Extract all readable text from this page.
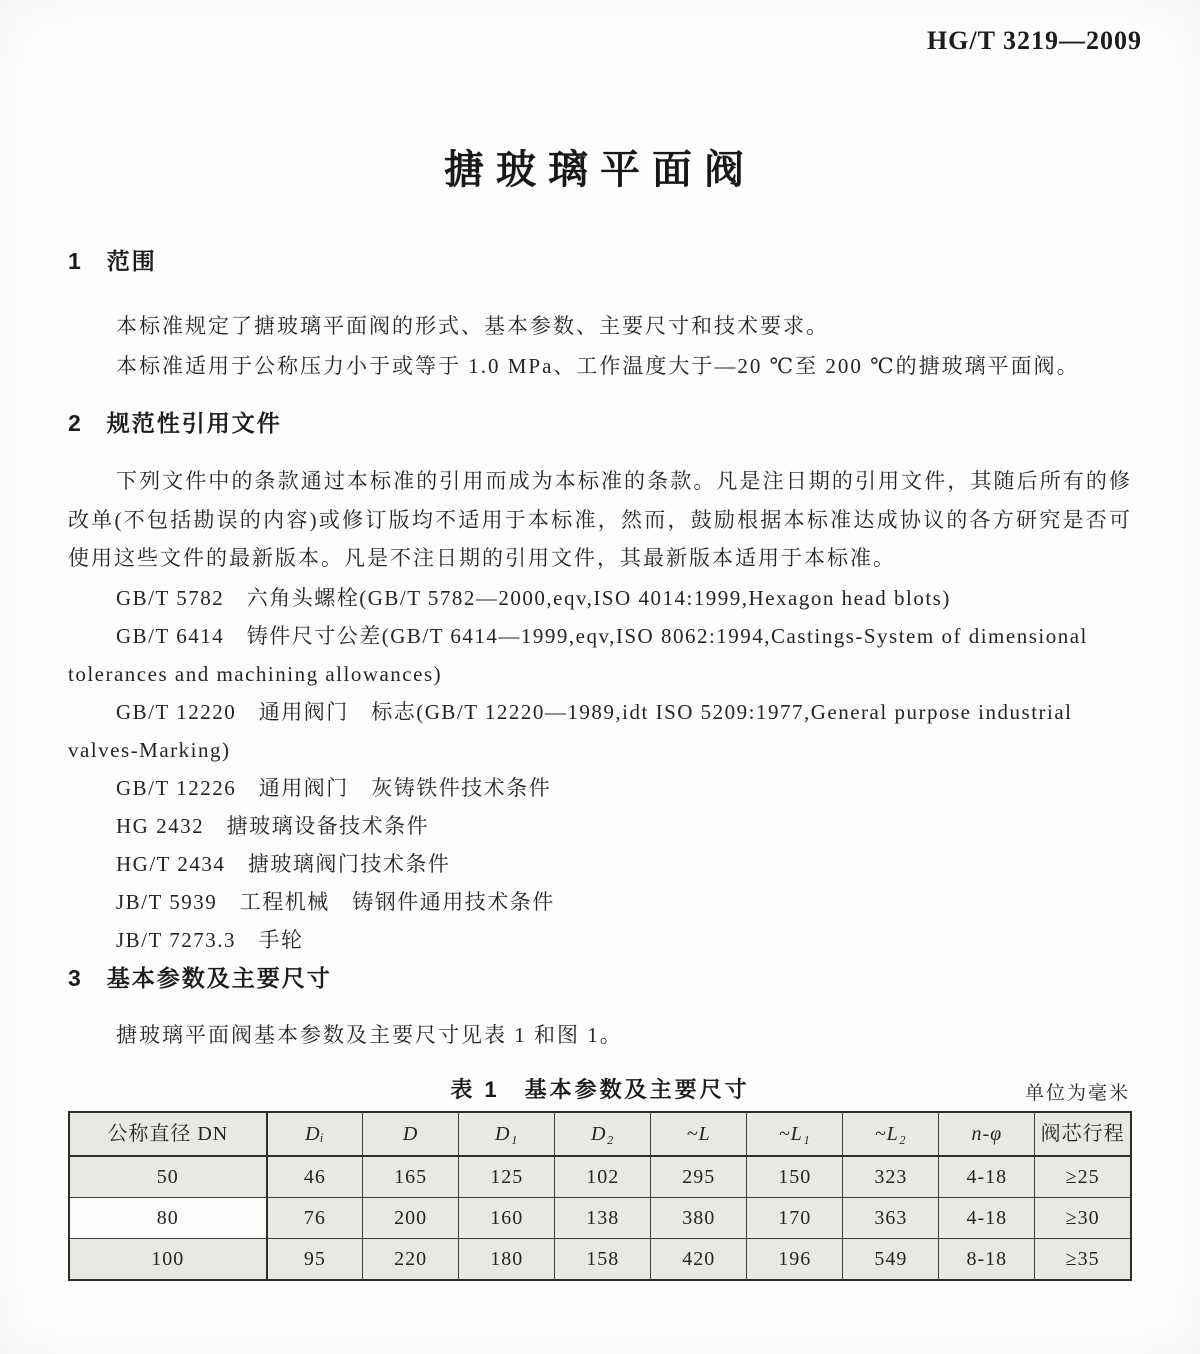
HG/T 3219—2009
搪玻璃平面阀
1 范围

本标准规定了搪玻璃平面阀的形式、基本参数、主要尺寸和技术要求。

本标准适用于公称压力小于或等于 1.0 MPa、工作温度大于—20 ℃至 200 ℃的搪玻璃平面阀。

2 规范性引用文件

下列文件中的条款通过本标准的引用而成为本标准的条款。凡是注日期的引用文件，其随后所有的修改单(不包括勘误的内容)或修订版均不适用于本标准，然而，鼓励根据本标准达成协议的各方研究是否可使用这些文件的最新版本。凡是不注日期的引用文件，其最新版本适用于本标准。

GB/T 5782　六角头螺栓(GB/T 5782—2000,eqv,ISO 4014:1999,Hexagon head blots)

GB/T 6414　铸件尺寸公差(GB/T 6414—1999,eqv,ISO 8062:1994,Castings-System of dimensional tolerances and machining allowances)

GB/T 12220　通用阀门　标志(GB/T 12220—1989,idt ISO 5209:1977,General purpose industrial valves-Marking)

GB/T 12226　通用阀门　灰铸铁件技术条件

HG 2432　搪玻璃设备技术条件

HG/T 2434　搪玻璃阀门技术条件

JB/T 5939　工程机械　铸钢件通用技术条件

JB/T 7273.3　手轮

3 基本参数及主要尺寸

搪玻璃平面阀基本参数及主要尺寸见表 1 和图 1。

表 1　基本参数及主要尺寸	单位为毫米
公称直径 DN	Dᵢ	D	D₁	D₂	~L	~L₁	~L₂	n-φ	阀芯行程
50	46	165	125	102	295	150	323	4-18	≥25
80	76	200	160	138	380	170	363	4-18	≥30
100	95	220	180	158	420	196	549	8-18	≥35
